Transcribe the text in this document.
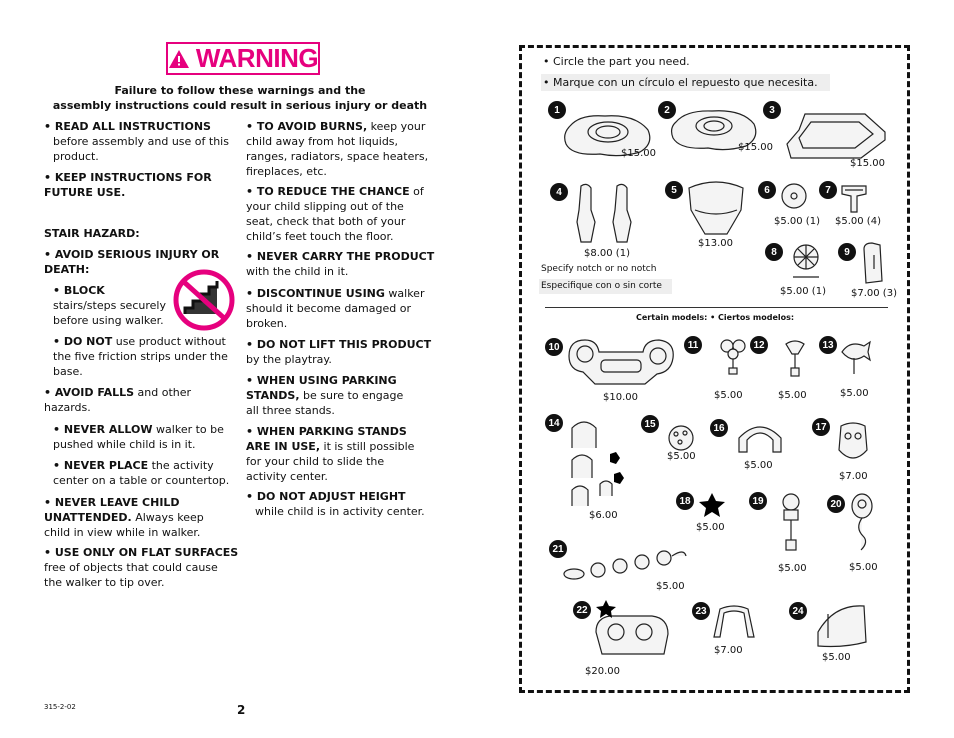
WARNING
Failure to follow these warnings and the
assembly instructions could result in serious injury or death
• READ ALL INSTRUCTIONS
before assembly and use of this product.
• KEEP INSTRUCTIONS FOR FUTURE USE.
STAIR HAZARD:
• AVOID SERIOUS INJURY OR DEATH:
• BLOCK stairs/steps securely before using walker.
• DO NOT use product without the five friction strips under the base.
• AVOID FALLS and other hazards.
• NEVER ALLOW walker to be pushed while child is in it.
• NEVER PLACE the activity center on a table or countertop.
• NEVER LEAVE CHILD UNATTENDED. Always keep child in view while in walker.
• USE ONLY ON FLAT SURFACES free of objects that could cause the walker to tip over.
• TO AVOID BURNS, keep your child away from hot liquids, ranges, radiators, space heaters, fireplaces, etc.
• TO REDUCE THE CHANCE of your child slipping out of the seat, check that both of your child’s feet touch the floor.
• NEVER CARRY THE PRODUCT with the child in it.
• DISCONTINUE USING walker should it become damaged or broken.
• DO NOT LIFT THIS PRODUCT by the playtray.
• WHEN USING PARKING STANDS, be sure to engage all three stands.
• WHEN PARKING STANDS ARE IN USE, it is still possible for your child to slide the activity center.
• DO NOT ADJUST HEIGHT
while child is in activity center.
315-2-02	2
• Circle the part you need.
• Marque con un círculo el repuesto que necesita.
Specify notch or no notch
Especifique con o sin corte
Certain models: • Ciertos modelos:
1
$15.00
2
$15.00
3
$15.00
4
$8.00 (1)
5
$13.00
6
$5.00 (1)
7
$5.00 (4)
8
$5.00 (1)
9
$7.00 (3)
10
$10.00
11
$5.00
12
$5.00
13
$5.00
14
$6.00
15
$5.00
16
$5.00
17
$7.00
18
$5.00
19
$5.00
20
$5.00
21
$5.00
22
$20.00
23
$7.00
24
$5.00
